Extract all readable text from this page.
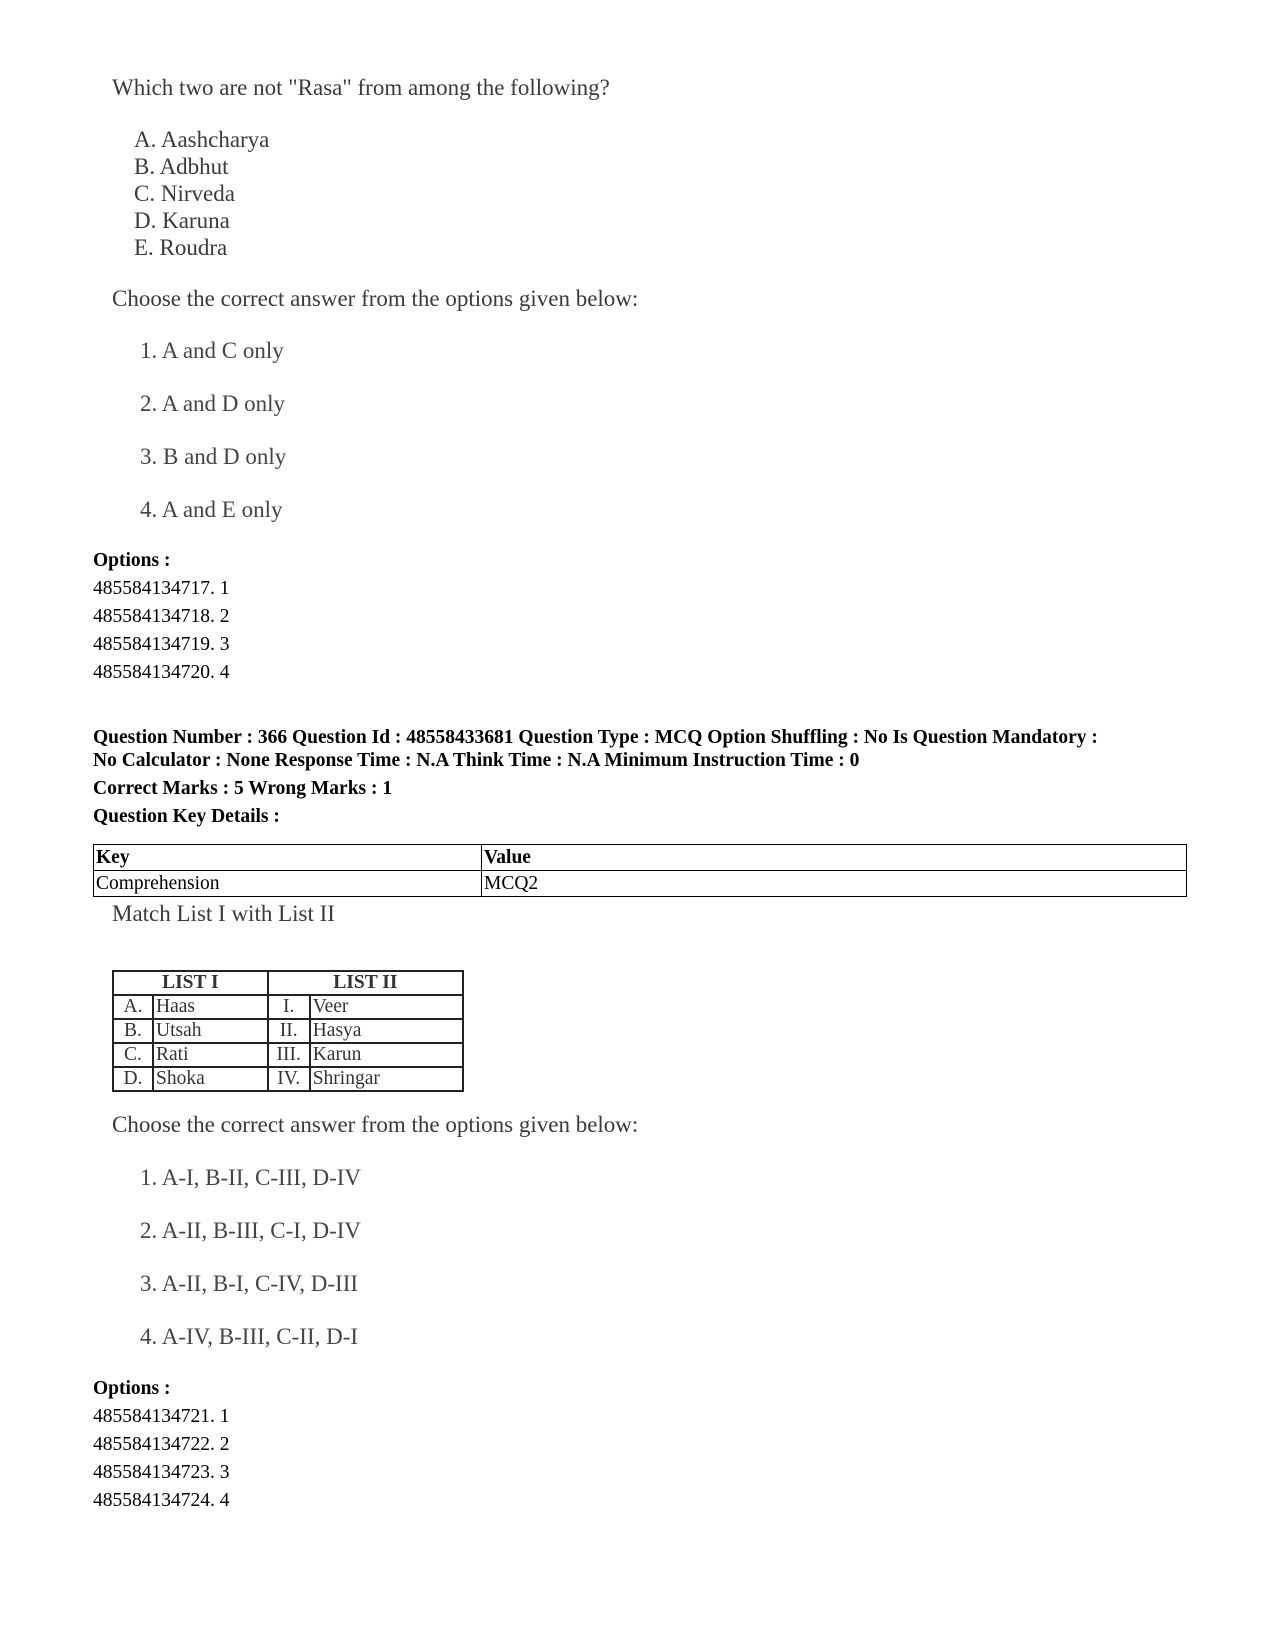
Which two are not "Rasa" from among the following?
A. Aashcharya
B. Adbhut
C. Nirveda
D. Karuna
E. Roudra
Choose the correct answer from the options given below:
1. A and C only
2. A and D only
3. B and D only
4. A and E only
Options :
485584134717. 1
485584134718. 2
485584134719. 3
485584134720. 4
Question Number : 366 Question Id : 48558433681 Question Type : MCQ Option Shuffling : No Is Question Mandatory :
No Calculator : None Response Time : N.A Think Time : N.A Minimum Instruction Time : 0
Correct Marks : 5 Wrong Marks : 1
Question Key Details :
Key	Value
Comprehension	MCQ2
Match List I with List II
LIST I		LIST II	
A.	Haas	I.	Veer
B.	Utsah	II.	Hasya
C.	Rati	III.	Karun
D.	Shoka	IV.	Shringar
Choose the correct answer from the options given below:
1. A-I, B-II, C-III, D-IV
2. A-II, B-III, C-I, D-IV
3. A-II, B-I, C-IV, D-III
4. A-IV, B-III, C-II, D-I
Options :
485584134721. 1
485584134722. 2
485584134723. 3
485584134724. 4
